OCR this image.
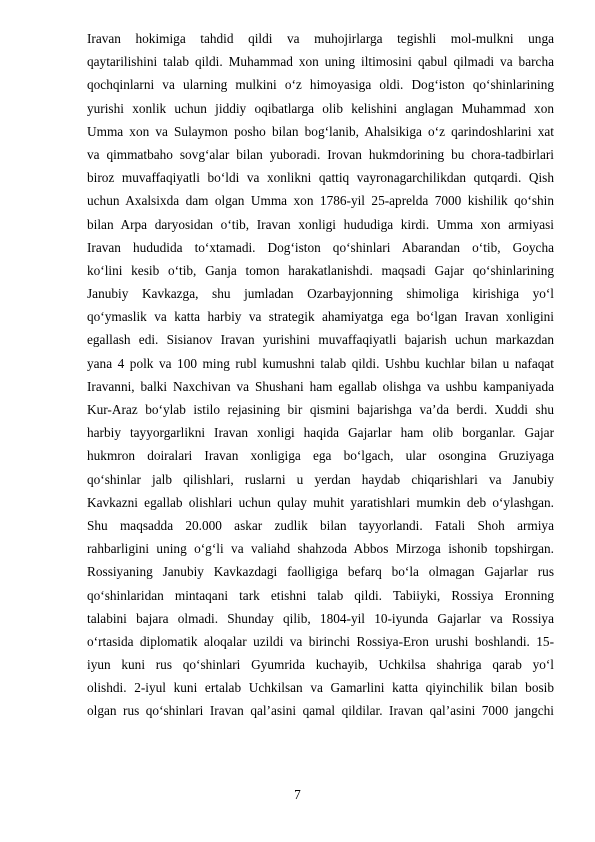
Iravan hokimiga tahdid qildi va muhojirlarga tegishli mol-mulkni unga
qaytarilishini talab qildi. Muhammad xon uning iltimosini qabul qilmadi va barcha
qochqinlarni va ularning mulkini o‘z himoyasiga oldi. Dog‘iston qo‘shinlarining
yurishi xonlik uchun jiddiy oqibatlarga olib kelishini anglagan Muhammad xon
Umma xon va Sulaymon posho bilan bog‘lanib, Ahalsikiga o‘z qarindoshlarini xat
va qimmatbaho sovg‘alar bilan yuboradi. Irovan hukmdorining bu chora-tadbirlari
biroz muvaffaqiyatli bo‘ldi va xonlikni qattiq vayronagarchilikdan qutqardi. Qish
uchun Axalsixda dam olgan Umma xon 1786-yil 25-aprelda 7000 kishilik qo‘shin
bilan Arpa daryosidan o‘tib, Iravan xonligi hududiga kirdi. Umma xon armiyasi
Iravan hududida to‘xtamadi. Dog‘iston qo‘shinlari Abarandan o‘tib, Goycha
ko‘lini kesib o‘tib, Ganja tomon harakatlanishdi. maqsadi Gajar qo‘shinlarining
Janubiy Kavkazga, shu jumladan Ozarbayjonning shimoliga kirishiga yo‘l
qo‘ymaslik va katta harbiy va strategik ahamiyatga ega bo‘lgan Iravan xonligini
egallash edi. Sisianov Iravan yurishini muvaffaqiyatli bajarish uchun markazdan
yana 4 polk va 100 ming rubl kumushni talab qildi. Ushbu kuchlar bilan u nafaqat
Iravanni, balki Naxchivan va Shushani ham egallab olishga va ushbu kampaniyada
Kur-Araz bo‘ylab istilo rejasining bir qismini bajarishga va’da berdi. Xuddi shu
harbiy tayyorgarlikni Iravan xonligi haqida Gajarlar ham olib borganlar. Gajar
hukmron doiralari Iravan xonligiga ega bo‘lgach, ular osongina Gruziyaga
qo‘shinlar jalb qilishlari, ruslarni u yerdan haydab chiqarishlari va Janubiy
Kavkazni egallab olishlari uchun qulay muhit yaratishlari mumkin deb o‘ylashgan.
Shu maqsadda 20.000 askar zudlik bilan tayyorlandi. Fatali Shoh armiya
rahbarligini uning o‘g‘li va valiahd shahzoda Abbos Mirzoga ishonib topshirgan.
Rossiyaning Janubiy Kavkazdagi faolligiga befarq bo‘la olmagan Gajarlar rus
qo‘shinlaridan mintaqani tark etishni talab qildi. Tabiiyki, Rossiya Eronning
talabini bajara olmadi. Shunday qilib, 1804-yil 10-iyunda Gajarlar va Rossiya
o‘rtasida diplomatik aloqalar uzildi va birinchi Rossiya-Eron urushi boshlandi. 15-
iyun kuni rus qo‘shinlari Gyumrida kuchayib, Uchkilsa shahriga qarab yo‘l
olishdi. 2-iyul kuni ertalab Uchkilsan va Gamarlini katta qiyinchilik bilan bosib
olgan rus qo‘shinlari Iravan qal’asini qamal qildilar. Iravan qal’asini 7000 jangchi
7
